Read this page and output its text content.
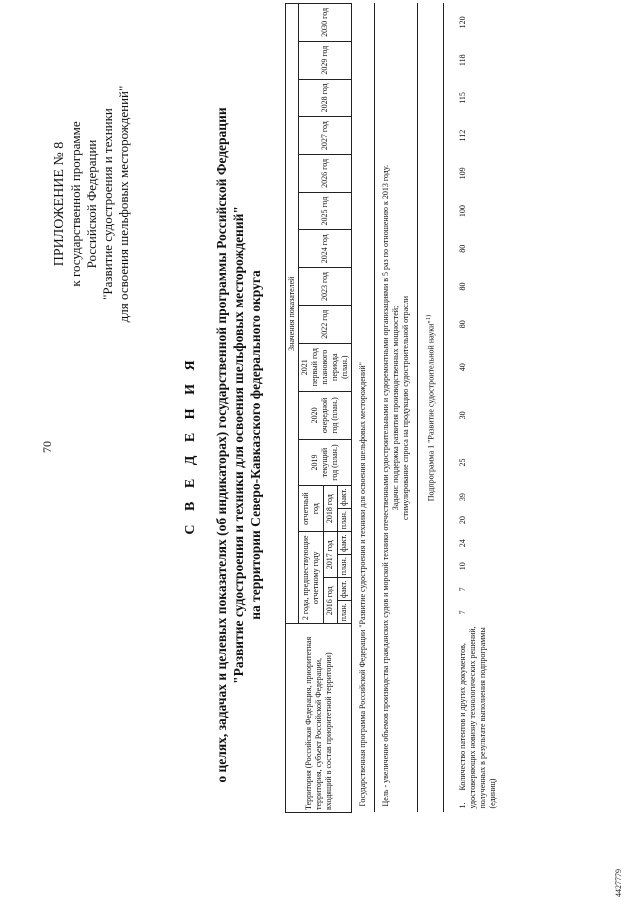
70
ПРИЛОЖЕНИЕ № 8 к государственной программе Российской Федерации "Развитие судостроения и техники для освоения шельфовых месторождений"
С В Е Д Е Н И Я о целях, задачах и целевых показателях (об индикаторах) государственной программы Российской Федерации "Развитие судостроения и техники для освоения шельфовых месторождений" на территории Северо-Кавказского федерального округа
Территория (Российская Федерация, приоритетная территория, субъект Российской Федерации, входящий в состав приоритетной территории)	Значения показателей																	
	2 года, предшествующие отчетному году				отчетный год		2019 текущий год (план.)	2020 очередной год (план.)	2021 первый год планового периода (план.)	2022 год	2023 год	2024 год	2025 год	2026 год	2027 год	2028 год	2029 год	2030 год
	2016 год		2017 год		2018 год													
	план.	факт.	план.	факт.	план.	факт.												
Государственная программа Российской Федерации "Развитие судостроения и техники для освоения шельфовых месторождений"																		

Цель - увеличение объемов производства гражданских судов и морской техники отечественными судостроительными и судоремонтными организациями в 5 раз по отношению к 2013 году. Задачи: поддержка развития производственных мощностей; стимулирование спроса на продукцию судостроительной отрасли																		

Подпрограмма 1 "Развитие судостроительной науки"$^{1)}$
1.Количество патентов и других документов, удостоверяющих новизну технологических решений, полученных в результате выполнения подпрограммы (единиц)	7	7	10	24	20	39	25	30	40	80	80	80	100	109	112	115	118	120
4427779
